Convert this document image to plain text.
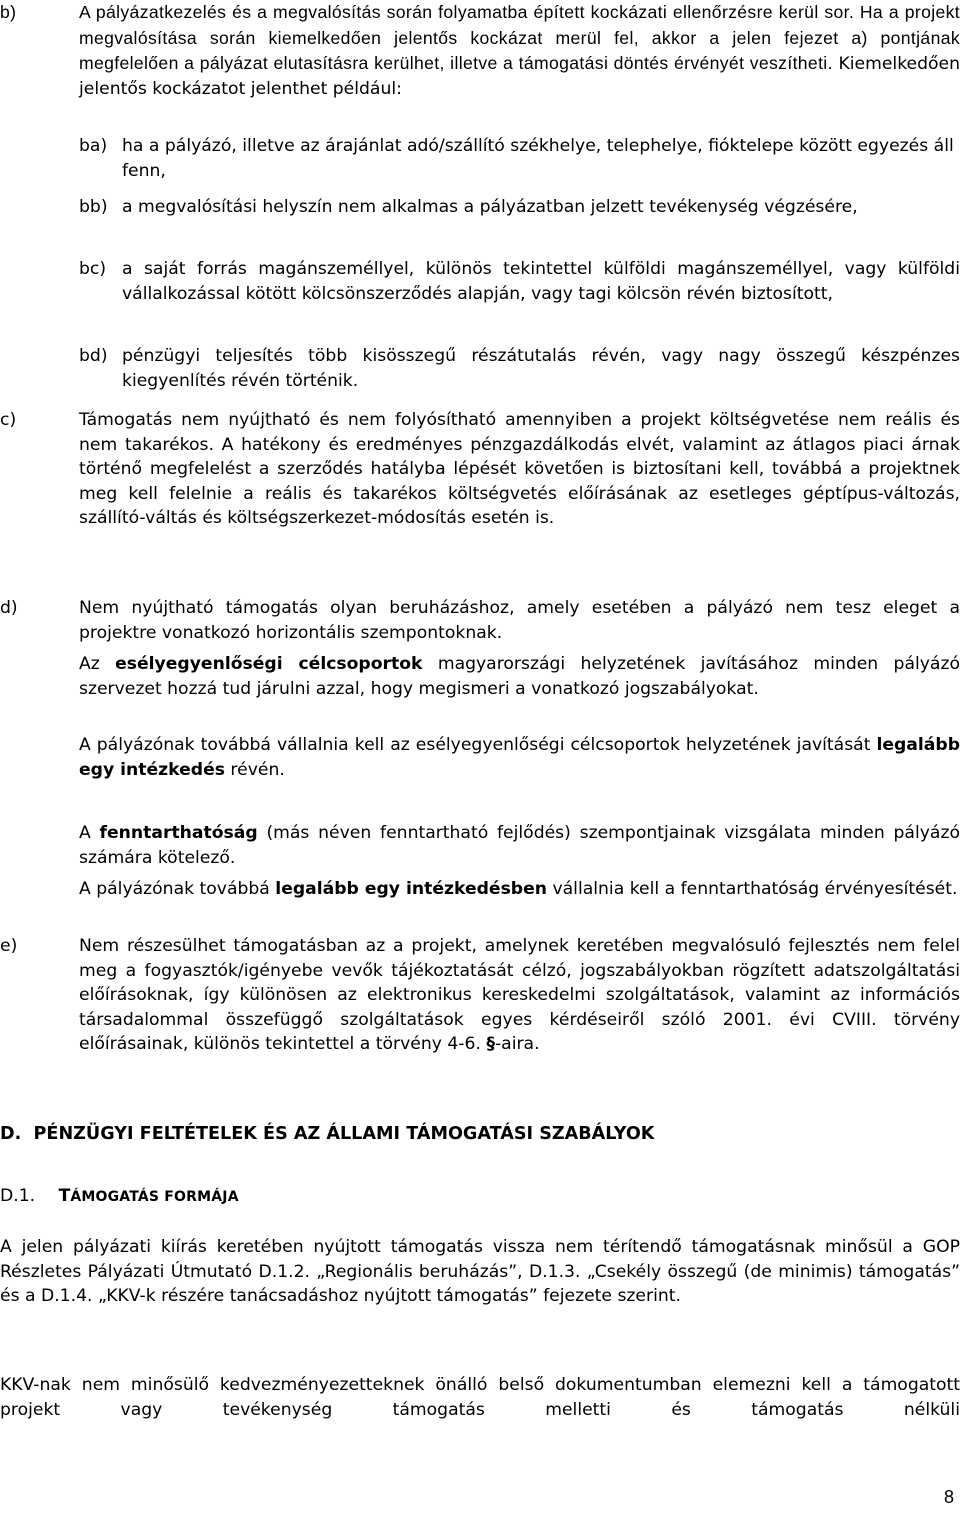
b)	A pályázatkezelés és a megvalósítás során folyamatba épített kockázati ellenőrzésre kerül sor. Ha a projekt megvalósítása során kiemelkedően jelentős kockázat merül fel, akkor a jelen fejezet a) pontjának megfelelően a pályázat elutasításra kerülhet, illetve a támogatási döntés érvényét veszítheti. Kiemelkedően jelentős kockázatot jelenthet például:

ba) ha a pályázó, illetve az árajánlat adó/szállító székhelye, telephelye, fióktelepe között egyezés áll fenn,

bb) a megvalósítási helyszín nem alkalmas a pályázatban jelzett tevékenység végzésére,

bc) a saját forrás magánszeméllyel, különös tekintettel külföldi magánszeméllyel, vagy külföldi vállalkozással kötött kölcsönszerződés alapján, vagy tagi kölcsön révén biztosított,

bd) pénzügyi teljesítés több kisösszegű részátutalás révén, vagy nagy összegű készpénzes kiegyenlítés révén történik.

c)	Támogatás nem nyújtható és nem folyósítható amennyiben a projekt költségvetése nem reális és nem takarékos. A hatékony és eredményes pénzgazdálkodás elvét, valamint az átlagos piaci árnak történő megfelelést a szerződés hatályba lépését követően is biztosítani kell, továbbá a projektnek meg kell felelnie a reális és takarékos költségvetés előírásának az esetleges géptípus-változás, szállító-váltás és költségszerkezet-módosítás esetén is.

d)	Nem nyújtható támogatás olyan beruházáshoz, amely esetében a pályázó nem tesz eleget a projektre vonatkozó horizontális szempontoknak.

Az esélyegyenlőségi célcsoportok magyarországi helyzetének javításához minden pályázó szervezet hozzá tud járulni azzal, hogy megismeri a vonatkozó jogszabályokat.

A pályázónak továbbá vállalnia kell az esélyegyenlőségi célcsoportok helyzetének javítását legalább egy intézkedés révén.

A fenntarthatóság (más néven fenntartható fejlődés) szempontjainak vizsgálata minden pályázó számára kötelező.

A pályázónak továbbá legalább egy intézkedésben vállalnia kell a fenntarthatóság érvényesítését.

e)	Nem részesülhet támogatásban az a projekt, amelynek keretében megvalósuló fejlesztés nem felel meg a fogyasztók/igényebe vevők tájékoztatását célzó, jogszabályokban rögzített adatszolgáltatási előírásoknak, így különösen az elektronikus kereskedelmi szolgáltatások, valamint az információs társadalommal összefüggő szolgáltatások egyes kérdéseiről szóló 2001. évi CVIII. törvény előírásainak, különös tekintettel a törvény 4-6. §-aira.

D.  PÉNZÜGYI FELTÉTELEK ÉS AZ ÁLLAMI TÁMOGATÁSI SZABÁLYOK

D.1. TÁMOGATÁS FORMÁJA

A jelen pályázati kiírás keretében nyújtott támogatás vissza nem térítendő támogatásnak minősül a GOP Részletes Pályázati Útmutató D.1.2. „Regionális beruházás”, D.1.3. „Csekély összegű (de minimis) támogatás” és a D.1.4. „KKV-k részére tanácsadáshoz nyújtott támogatás” fejezete szerint.

KKV-nak nem minősülő kedvezményezetteknek önálló belső dokumentumban elemezni kell a támogatott projekt vagy tevékenység támogatás melletti és támogatás nélküli

8
